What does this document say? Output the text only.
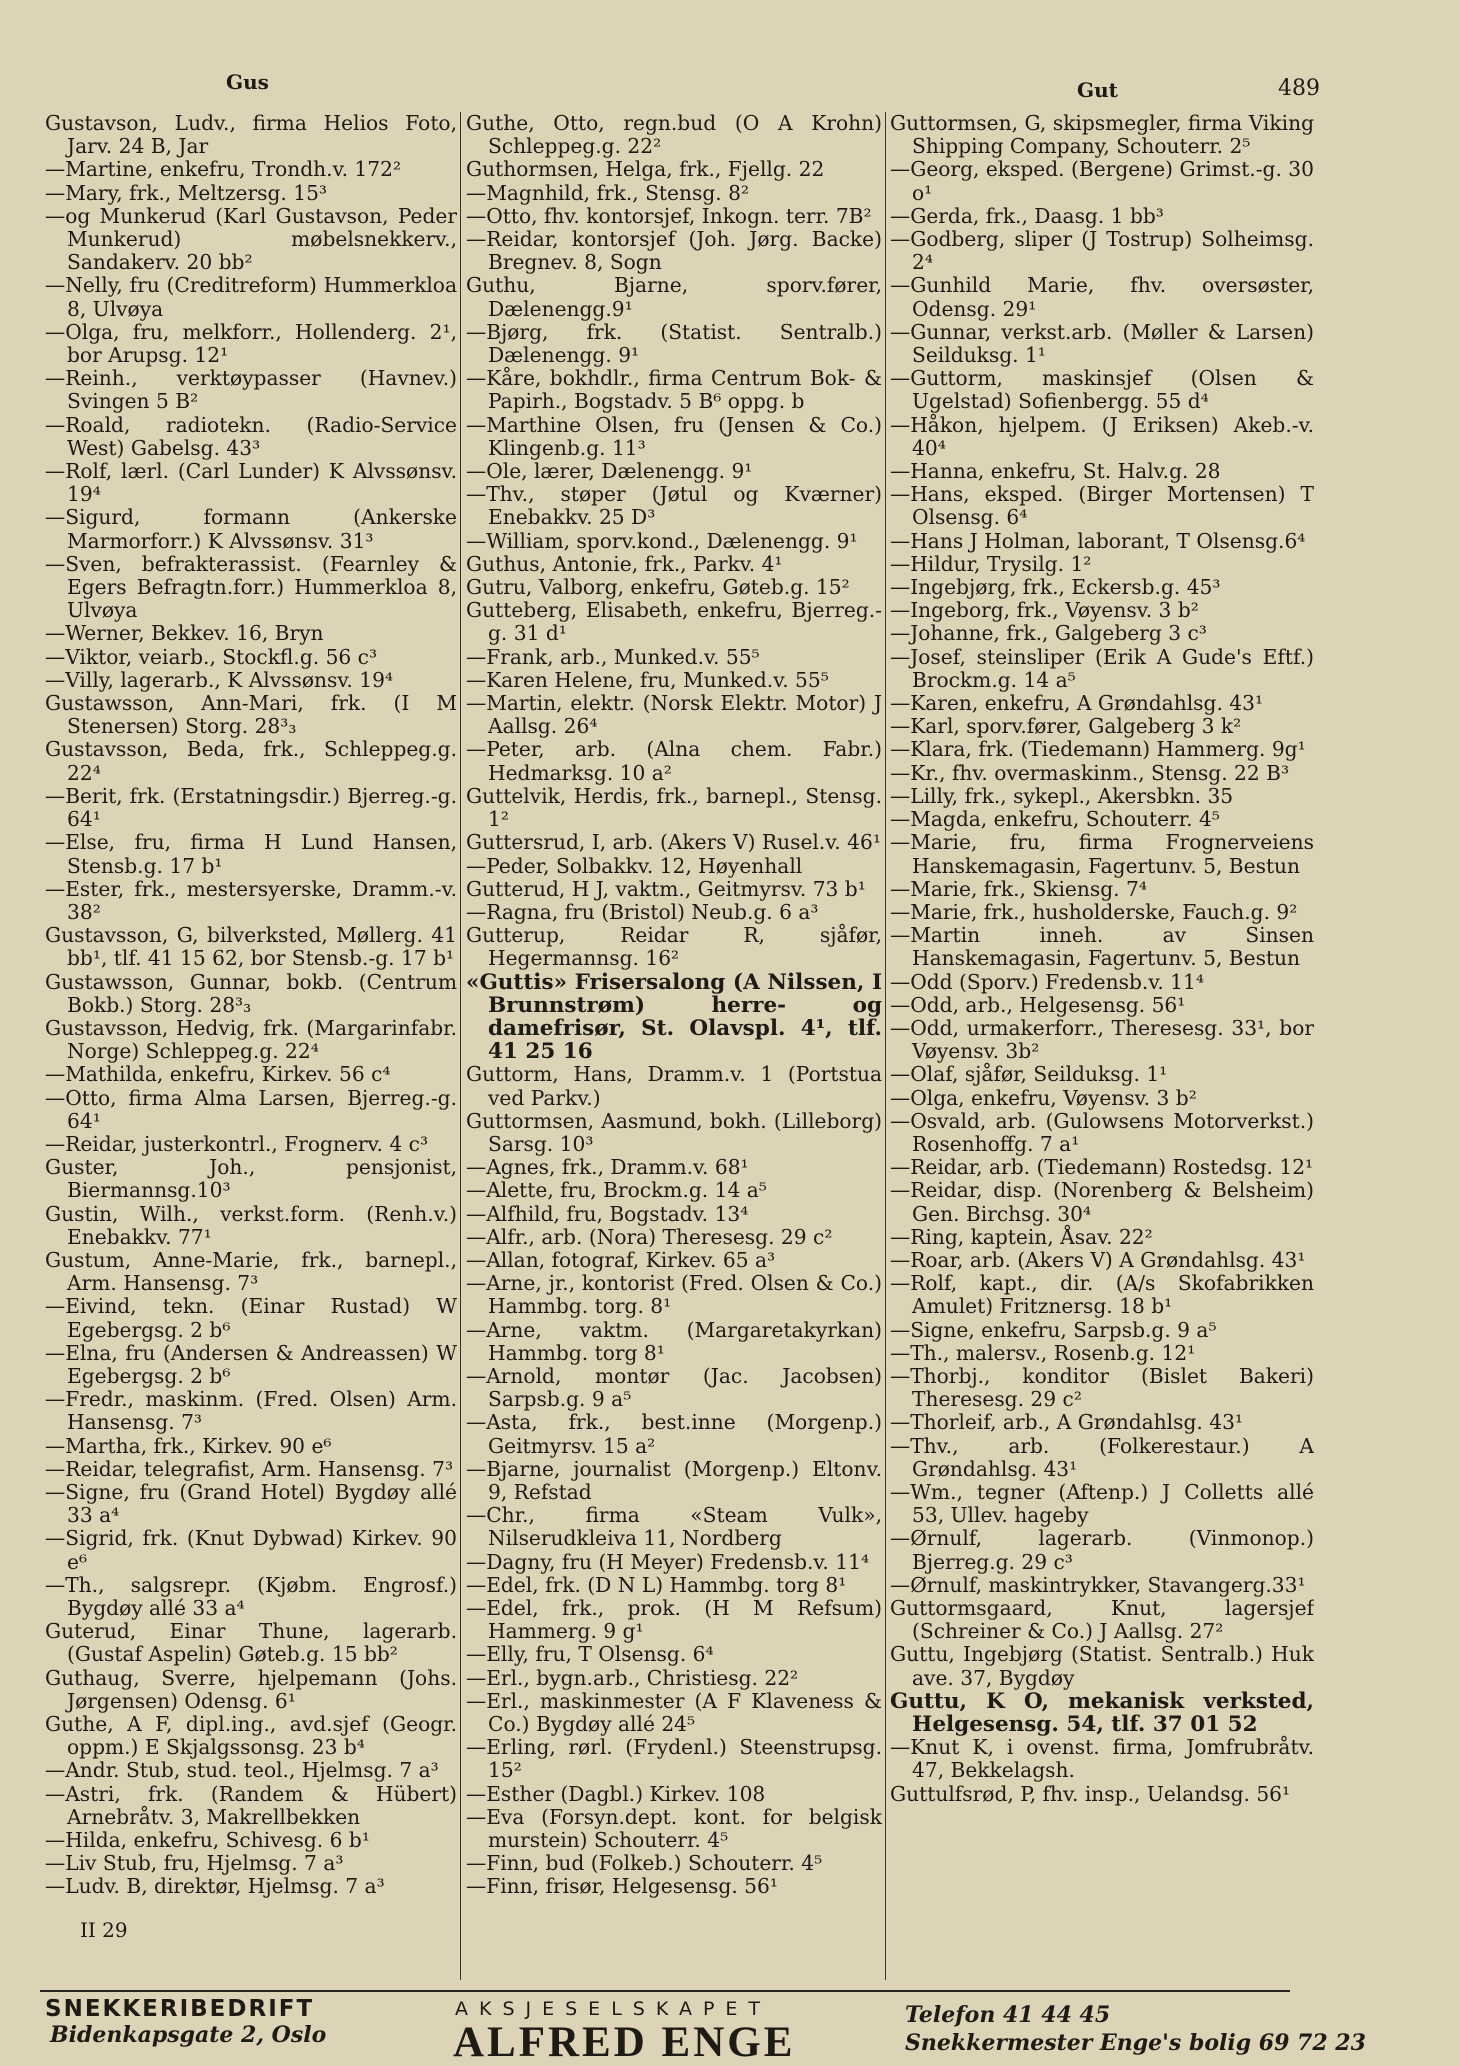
Gus	Gut	489

Gustavson, Ludv., firma Helios Foto, Jarv. 24 B, Jar

—Martine, enkefru, Trondh.v. 172²

—Mary, frk., Meltzersg. 15³

—og Munkerud (Karl Gustavson, Peder Munkerud) møbelsnekkerv., Sandakerv. 20 bb²

—Nelly, fru (Creditreform) Hummerkloa 8, Ulvøya

—Olga, fru, melkforr., Hollenderg. 2¹, bor Arupsg. 12¹

—Reinh., verktøypasser (Havnev.) Svingen 5 B²

—Roald, radiotekn. (Radio-Service West) Gabelsg. 43³

—Rolf, lærl. (Carl Lunder) K Alvssønsv. 19⁴

—Sigurd, formann (Ankerske Marmorforr.) K Alvssønsv. 31³

—Sven, befrakterassist. (Fearnley & Egers Befragtn.forr.) Hummerkloa 8, Ulvøya

—Werner, Bekkev. 16, Bryn

—Viktor, veiarb., Stockfl.g. 56 c³

—Villy, lagerarb., K Alvssønsv. 19⁴

Gustawsson, Ann-Mari, frk. (I M Stenersen) Storg. 28³₃

Gustavsson, Beda, frk., Schleppeg.g. 22⁴

—Berit, frk. (Erstatningsdir.) Bjerreg.-g. 64¹

—Else, fru, firma H Lund Hansen, Stensb.g. 17 b¹

—Ester, frk., mestersyerske, Dramm.-v. 38²

Gustavsson, G, bilverksted, Møllerg. 41 bb¹, tlf. 41 15 62, bor Stensb.-g. 17 b¹

Gustawsson, Gunnar, bokb. (Centrum Bokb.) Storg. 28³₃

Gustavsson, Hedvig, frk. (Margarinfabr. Norge) Schleppeg.g. 22⁴

—Mathilda, enkefru, Kirkev. 56 c⁴

—Otto, firma Alma Larsen, Bjerreg.-g. 64¹

—Reidar, justerkontrl., Frognerv. 4 c³

Guster, Joh., pensjonist, Biermannsg.10³

Gustin, Wilh., verkst.form. (Renh.v.) Enebakkv. 77¹

Gustum, Anne-Marie, frk., barnepl., Arm. Hansensg. 7³

—Eivind, tekn. (Einar Rustad) W Egebergsg. 2 b⁶

—Elna, fru (Andersen & Andreassen) W Egebergsg. 2 b⁶

—Fredr., maskinm. (Fred. Olsen) Arm. Hansensg. 7³

—Martha, frk., Kirkev. 90 e⁶

—Reidar, telegrafist, Arm. Hansensg. 7³

—Signe, fru (Grand Hotel) Bygdøy allé 33 a⁴

—Sigrid, frk. (Knut Dybwad) Kirkev. 90 e⁶

—Th., salgsrepr. (Kjøbm. Engrosf.) Bygdøy allé 33 a⁴

Guterud, Einar Thune, lagerarb. (Gustaf Aspelin) Gøteb.g. 15 bb²

Guthaug, Sverre, hjelpemann (Johs. Jørgensen) Odensg. 6¹

Guthe, A F, dipl.ing., avd.sjef (Geogr. oppm.) E Skjalgssonsg. 23 b⁴

—Andr. Stub, stud. teol., Hjelmsg. 7 a³

—Astri, frk. (Randem & Hübert) Arnebråtv. 3, Makrellbekken

—Hilda, enkefru, Schivesg. 6 b¹

—Liv Stub, fru, Hjelmsg. 7 a³

—Ludv. B, direktør, Hjelmsg. 7 a³

Guthe, Otto, regn.bud (O A Krohn) Schleppeg.g. 22²

Guthormsen, Helga, frk., Fjellg. 22

—Magnhild, frk., Stensg. 8²

—Otto, fhv. kontorsjef, Inkogn. terr. 7B²

—Reidar, kontorsjef (Joh. Jørg. Backe) Bregnev. 8, Sogn

Guthu, Bjarne, sporv.fører, Dælenengg.9¹

—Bjørg, frk. (Statist. Sentralb.) Dælenengg. 9¹

—Kåre, bokhdlr., firma Centrum Bok- & Papirh., Bogstadv. 5 B⁶ oppg. b

—Marthine Olsen, fru (Jensen & Co.) Klingenb.g. 11³

—Ole, lærer, Dælenengg. 9¹

—Thv., støper (Jøtul og Kværner) Enebakkv. 25 D³

—William, sporv.kond., Dælenengg. 9¹

Guthus, Antonie, frk., Parkv. 4¹

Gutru, Valborg, enkefru, Gøteb.g. 15²

Gutteberg, Elisabeth, enkefru, Bjerreg.-g. 31 d¹

—Frank, arb., Munked.v. 55⁵

—Karen Helene, fru, Munked.v. 55⁵

—Martin, elektr. (Norsk Elektr. Motor) J Aallsg. 26⁴

—Peter, arb. (Alna chem. Fabr.) Hedmarksg. 10 a²

Guttelvik, Herdis, frk., barnepl., Stensg. 1²

Guttersrud, I, arb. (Akers V) Rusel.v. 46¹

—Peder, Solbakkv. 12, Høyenhall

Gutterud, H J, vaktm., Geitmyrsv. 73 b¹

—Ragna, fru (Bristol) Neub.g. 6 a³

Gutterup, Reidar R, sjåfør, Hegermannsg. 16²

«Guttis» Frisersalong (A Nilssen, I Brunnstrøm) herre- og damefrisør, St. Olavspl. 4¹, tlf. 41 25 16

Guttorm, Hans, Dramm.v. 1 (Portstua ved Parkv.)

Guttormsen, Aasmund, bokh. (Lilleborg) Sarsg. 10³

—Agnes, frk., Dramm.v. 68¹

—Alette, fru, Brockm.g. 14 a⁵

—Alfhild, fru, Bogstadv. 13⁴

—Alfr., arb. (Nora) Theresesg. 29 c²

—Allan, fotograf, Kirkev. 65 a³

—Arne, jr., kontorist (Fred. Olsen & Co.) Hammbg. torg. 8¹

—Arne, vaktm. (Margaretakyrkan) Hammbg. torg 8¹

—Arnold, montør (Jac. Jacobsen) Sarpsb.g. 9 a⁵

—Asta, frk., best.inne (Morgenp.) Geitmyrsv. 15 a²

—Bjarne, journalist (Morgenp.) Eltonv. 9, Refstad

—Chr., firma «Steam Vulk», Nilserudkleiva 11, Nordberg

—Dagny, fru (H Meyer) Fredensb.v. 11⁴

—Edel, frk. (D N L) Hammbg. torg 8¹

—Edel, frk., prok. (H M Refsum) Hammerg. 9 g¹

—Elly, fru, T Olsensg. 6⁴

—Erl., bygn.arb., Christiesg. 22²

—Erl., maskinmester (A F Klaveness & Co.) Bygdøy allé 24⁵

—Erling, rørl. (Frydenl.) Steenstrupsg. 15²

—Esther (Dagbl.) Kirkev. 108

—Eva (Forsyn.dept. kont. for belgisk murstein) Schouterr. 4⁵

—Finn, bud (Folkeb.) Schouterr. 4⁵

—Finn, frisør, Helgesensg. 56¹

Guttormsen, G, skipsmegler, firma Viking Shipping Company, Schouterr. 2⁵

—Georg, eksped. (Bergene) Grimst.-g. 30 o¹

—Gerda, frk., Daasg. 1 bb³

—Godberg, sliper (J Tostrup) Solheimsg. 2⁴

—Gunhild Marie, fhv. oversøster, Odensg. 29¹

—Gunnar, verkst.arb. (Møller & Larsen) Seilduksg. 1¹

—Guttorm, maskinsjef (Olsen & Ugelstad) Sofienbergg. 55 d⁴

—Håkon, hjelpem. (J Eriksen) Akeb.-v. 40⁴

—Hanna, enkefru, St. Halv.g. 28

—Hans, eksped. (Birger Mortensen) T Olsensg. 6⁴

—Hans J Holman, laborant, T Olsensg.6⁴

—Hildur, Trysilg. 1²

—Ingebjørg, frk., Eckersb.g. 45³

—Ingeborg, frk., Vøyensv. 3 b²

—Johanne, frk., Galgeberg 3 c³

—Josef, steinsliper (Erik A Gude's Eftf.) Brockm.g. 14 a⁵

—Karen, enkefru, A Grøndahlsg. 43¹

—Karl, sporv.fører, Galgeberg 3 k²

—Klara, frk. (Tiedemann) Hammerg. 9g¹

—Kr., fhv. overmaskinm., Stensg. 22 B³

—Lilly, frk., sykepl., Akersbkn. 35

—Magda, enkefru, Schouterr. 4⁵

—Marie, fru, firma Frognerveiens Hanskemagasin, Fagertunv. 5, Bestun

—Marie, frk., Skiensg. 7⁴

—Marie, frk., husholderske, Fauch.g. 9²

—Martin inneh. av Sinsen Hanskemagasin, Fagertunv. 5, Bestun

—Odd (Sporv.) Fredensb.v. 11⁴

—Odd, arb., Helgesensg. 56¹

—Odd, urmakerforr., Theresesg. 33¹, bor Vøyensv. 3b²

—Olaf, sjåfør, Seilduksg. 1¹

—Olga, enkefru, Vøyensv. 3 b²

—Osvald, arb. (Gulowsens Motorverkst.) Rosenhoffg. 7 a¹

—Reidar, arb. (Tiedemann) Rostedsg. 12¹

—Reidar, disp. (Norenberg & Belsheim) Gen. Birchsg. 30⁴

—Ring, kaptein, Åsav. 22²

—Roar, arb. (Akers V) A Grøndahlsg. 43¹

—Rolf, kapt., dir. (A/s Skofabrikken Amulet) Fritznersg. 18 b¹

—Signe, enkefru, Sarpsb.g. 9 a⁵

—Th., malersv., Rosenb.g. 12¹

—Thorbj., konditor (Bislet Bakeri) Theresesg. 29 c²

—Thorleif, arb., A Grøndahlsg. 43¹

—Thv., arb. (Folkerestaur.) A Grøndahlsg. 43¹

—Wm., tegner (Aftenp.) J Colletts allé 53, Ullev. hageby

—Ørnulf, lagerarb. (Vinmonop.) Bjerreg.g. 29 c³

—Ørnulf, maskintrykker, Stavangerg.33¹

Guttormsgaard, Knut, lagersjef (Schreiner & Co.) J Aallsg. 27²

Guttu, Ingebjørg (Statist. Sentralb.) Huk ave. 37, Bygdøy

Guttu, K O, mekanisk verksted, Helgesensg. 54, tlf. 37 01 52

—Knut K, i ovenst. firma, Jomfrubråtv. 47, Bekkelagsh.

Guttulfsrød, P, fhv. insp., Uelandsg. 56¹

II 29
SNEKKERIBEDRIFT
Bidenkapsgate 2, Oslo
AKSJESELSKAPET
ALFRED ENGE
Telefon 41 44 45
Snekkermester Enge's bolig 69 72 23
